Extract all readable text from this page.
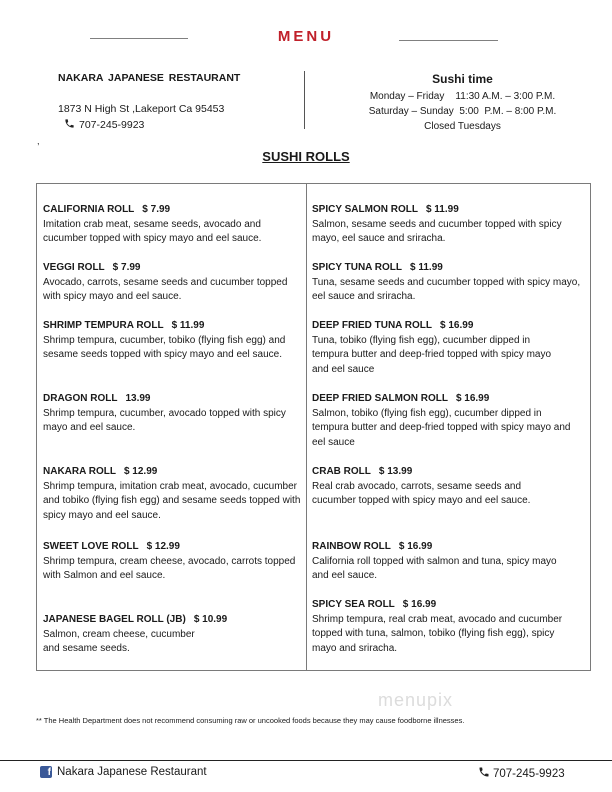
MENU
NAKARA JAPANESE RESTAURANT
1873 N High St ,Lakeport Ca 95453
707-245-9923
Sushi time
Monday – Friday    11:30 A.M. – 3:00 P.M.
Saturday – Sunday  5:00  P.M. – 8:00 P.M.
Closed Tuesdays
,
SUSHI ROLLS
CALIFORNIA ROLL $ 7.99
Imitation crab meat, sesame seeds, avocado and cucumber topped with spicy mayo and eel sauce.
VEGGI ROLL $ 7.99
Avocado, carrots, sesame seeds and cucumber topped with spicy mayo and eel sauce.
SHRIMP TEMPURA ROLL $ 11.99
Shrimp tempura, cucumber, tobiko (flying fish egg) and sesame seeds topped with spicy mayo and eel sauce.
DRAGON ROLL 13.99
Shrimp tempura, cucumber, avocado topped with spicy mayo and eel sauce.
NAKARA ROLL $ 12.99
Shrimp tempura, imitation crab meat, avocado, cucumber and tobiko (flying fish egg) and sesame seeds topped with spicy mayo and eel sauce.
SWEET LOVE ROLL $ 12.99
Shrimp tempura, cream cheese, avocado, carrots topped with Salmon and eel sauce.
JAPANESE BAGEL ROLL (JB) $ 10.99
Salmon, cream cheese, cucumber and sesame seeds.
SPICY SALMON ROLL $ 11.99
Salmon, sesame seeds and cucumber topped with spicy mayo, eel sauce and sriracha.
SPICY TUNA ROLL $ 11.99
Tuna, sesame seeds and cucumber topped with spicy mayo, eel sauce and sriracha.
DEEP FRIED TUNA ROLL $ 16.99
Tuna, tobiko (flying fish egg), cucumber dipped in tempura butter and deep-fried topped with spicy mayo and eel sauce
DEEP FRIED SALMON ROLL $ 16.99
Salmon, tobiko (flying fish egg), cucumber dipped in tempura butter and deep-fried topped with spicy mayo and eel sauce
CRAB ROLL $ 13.99
Real crab avocado, carrots, sesame seeds and cucumber topped with spicy mayo and eel sauce.
RAINBOW ROLL $ 16.99
California roll topped with salmon and tuna, spicy mayo and eel sauce.
SPICY SEA ROLL $ 16.99
Shrimp tempura, real crab meat, avocado and cucumber topped with tuna, salmon, tobiko (flying fish egg), spicy mayo and sriracha.
menupix
** The Health Department does not recommend consuming raw or uncooked foods because they may cause foodborne illnesses.
f Nakara Japanese Restaurant	707-245-9923
